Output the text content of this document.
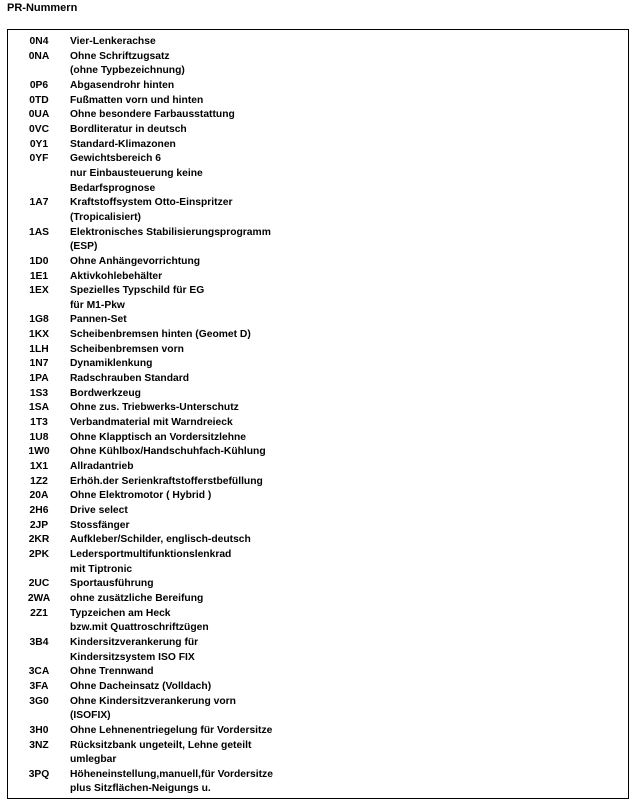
PR-Nummern
0N4	Vier-Lenkerachse
0NA	Ohne Schriftzugsatz
(ohne Typbezeichnung)
0P6	Abgasendrohr hinten
0TD	Fußmatten vorn und hinten
0UA	Ohne besondere Farbausstattung
0VC	Bordliteratur in deutsch
0Y1	Standard-Klimazonen
0YF	Gewichtsbereich 6
nur Einbausteuerung keine
Bedarfsprognose
1A7	Kraftstoffsystem Otto-Einspritzer
(Tropicalisiert)
1AS	Elektronisches Stabilisierungsprogramm
(ESP)
1D0	Ohne Anhängevorrichtung
1E1	Aktivkohlebehälter
1EX	Spezielles Typschild für EG
für M1-Pkw
1G8	Pannen-Set
1KX	Scheibenbremsen hinten (Geomet D)
1LH	Scheibenbremsen vorn
1N7	Dynamiklenkung
1PA	Radschrauben Standard
1S3	Bordwerkzeug
1SA	Ohne zus. Triebwerks-Unterschutz
1T3	Verbandmaterial mit Warndreieck
1U8	Ohne Klapptisch an Vordersitzlehne
1W0	Ohne Kühlbox/Handschuhfach-Kühlung
1X1	Allradantrieb
1Z2	Erhöh.der Serienkraftstofferstbefüllung
20A	Ohne Elektromotor ( Hybrid )
2H6	Drive select
2JP	Stossfänger
2KR	Aufkleber/Schilder, englisch-deutsch
2PK	Ledersportmultifunktionslenkrad
mit Tiptronic
2UC	Sportausführung
2WA	ohne zusätzliche Bereifung
2Z1	Typzeichen am Heck
bzw.mit Quattroschriftzügen
3B4	Kindersitzverankerung für
Kindersitzsystem ISO FIX
3CA	Ohne Trennwand
3FA	Ohne Dacheinsatz (Volldach)
3G0	Ohne Kindersitzverankerung vorn
(ISOFIX)
3H0	Ohne Lehnenentriegelung für Vordersitze
3NZ	Rücksitzbank ungeteilt, Lehne geteilt
umlegbar
3PQ	Höheneinstellung,manuell,für Vordersitze
plus Sitzflächen-Neigungs u.
